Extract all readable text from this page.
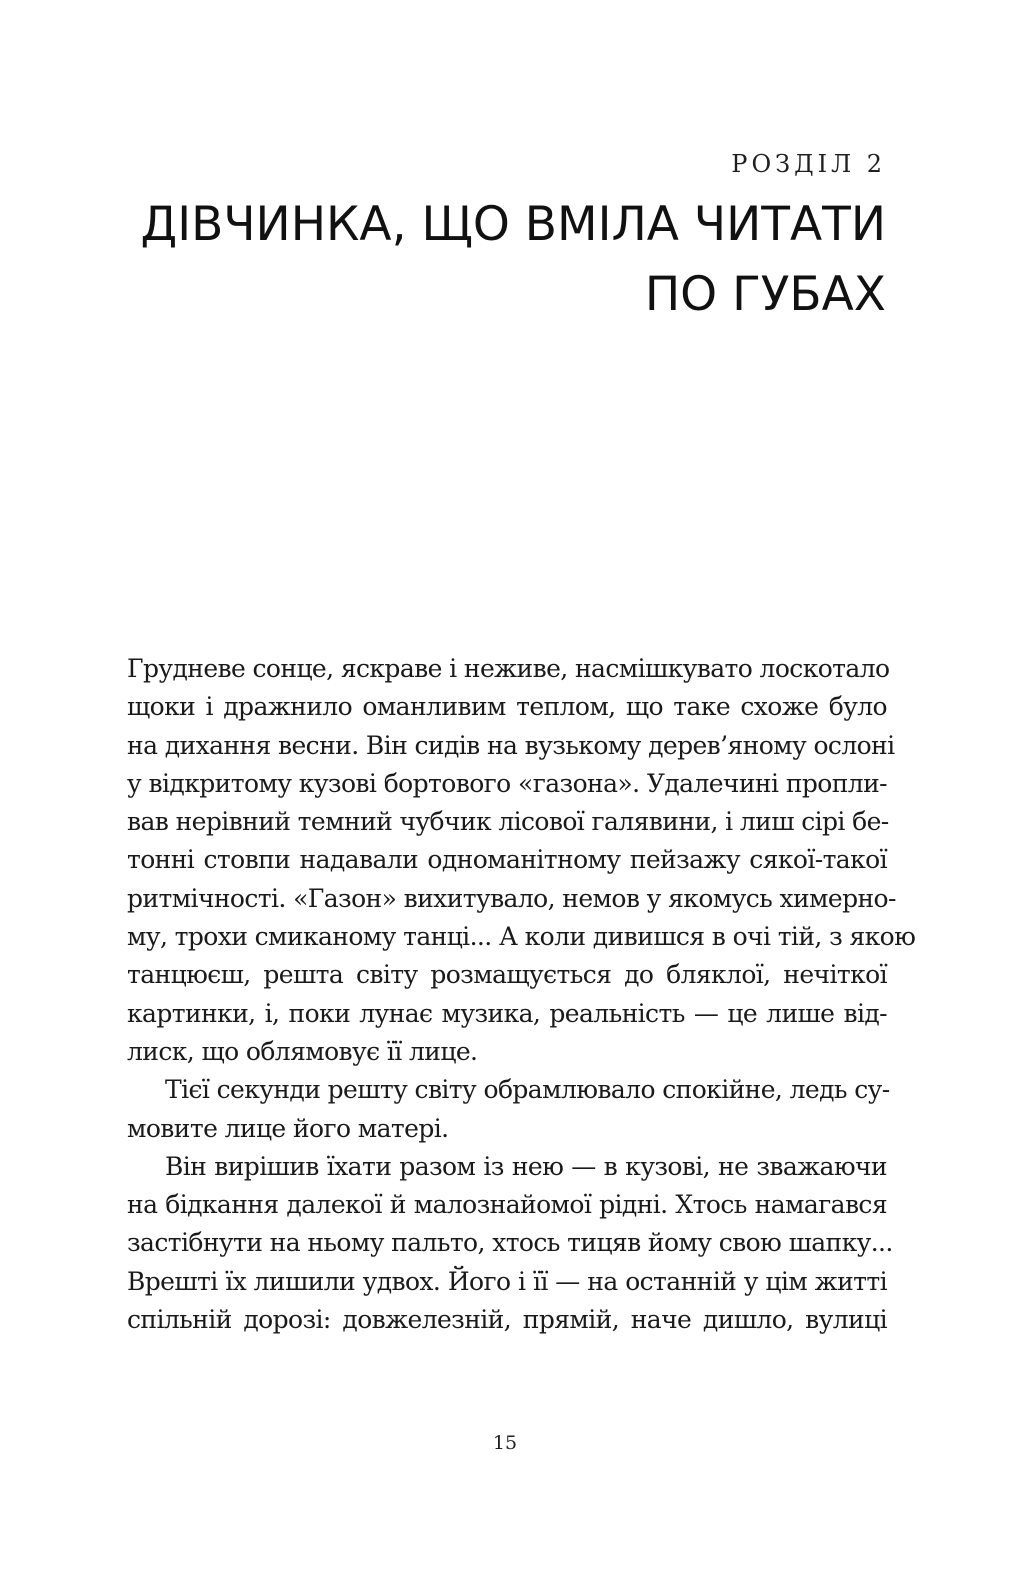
РОЗДІЛ 2
ДІВЧИНКА, ЩО ВМІЛА ЧИТАТИ
ПО ГУБАХ
Грудневе сонце, яскраве і неживе, насмішкувато лоскотало
щоки і дражнило оманливим теплом, що таке схоже було
на дихання весни. Він сидів на вузькому дерев’яному ослоні
у відкритому кузові бортового «газона». Удалечині пропли-
вав нерівний темний чубчик лісової галявини, і лиш сірі бе-
тонні стовпи надавали одноманітному пейзажу сякої-такої
ритмічності. «Газон» вихитувало, немов у якомусь химерно-
му, трохи смиканому танці... А коли дивишся в очі тій, з якою
танцюєш, решта світу розмащується до бляклої, нечіткої
картинки, і, поки лунає музика, реальність — це лише від-
лиск, що облямовує її лице.
Тієї секунди решту світу обрамлювало спокійне, ледь су-
мовите лице його матері.
Він вирішив їхати разом із нею — в кузові, не зважаючи
на бідкання далекої й малознайомої рідні. Хтось намагався
застібнути на ньому пальто, хтось тицяв йому свою шапку...
Врешті їх лишили удвох. Його і її — на останній у цім житті
спільній дорозі: довжелезній, прямій, наче дишло, вулиці
15
